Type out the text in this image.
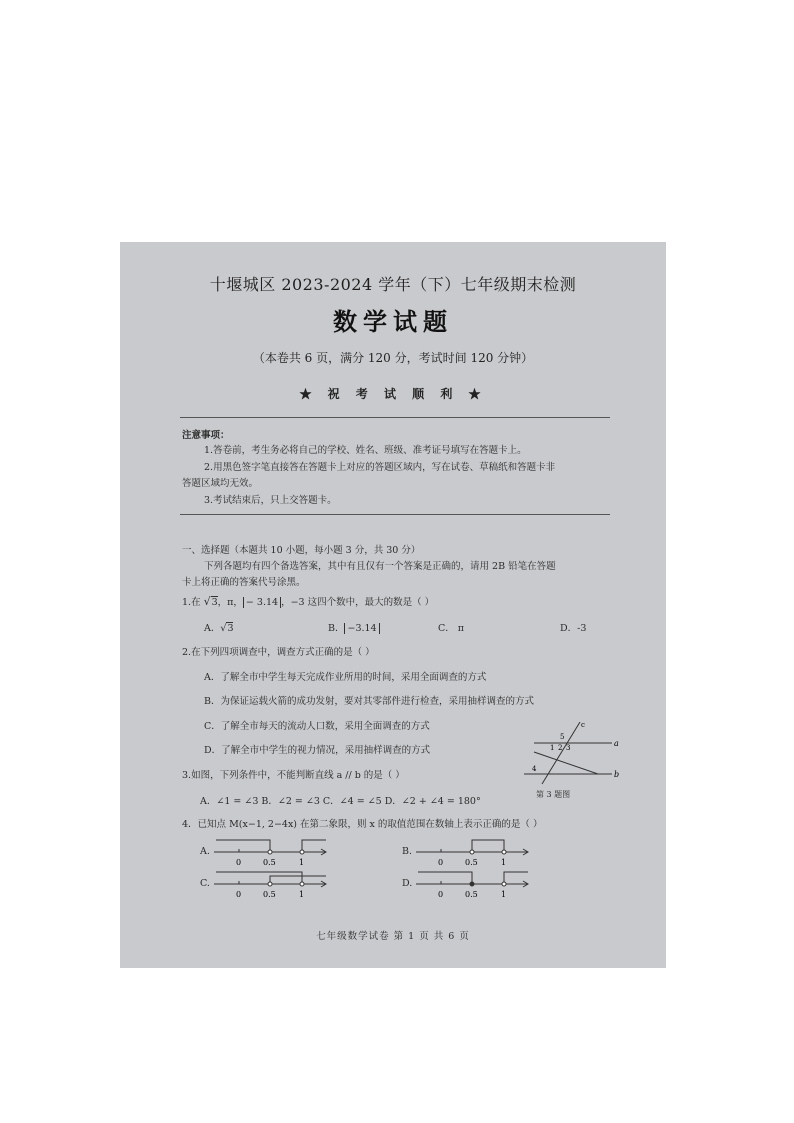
十堰城区 2023-2024 学年（下）七年级期末检测
数学试题
（本卷共 6 页，满分 120 分，考试时间 120 分钟）
★ 祝 考 试 顺 利 ★
注意事项：
1.答卷前，考生务必将自己的学校、姓名、班级、准考证号填写在答题卡上。
2.用黑色签字笔直接答在答题卡上对应的答题区域内，写在试卷、草稿纸和答题卡非
答题区域均无效。
3.考试结束后，只上交答题卡。
一、选择题（本题共 10 小题，每小题 3 分，共 30 分）
下列各题均有四个备选答案，其中有且仅有一个答案是正确的，请用 2B 铅笔在答题
卡上将正确的答案代号涂黑。
1.在 √3，π， − 3.14 ，−3 这四个数中，最大的数是（ ）
A．√3	B． −3.14	C． π	D．-3
2.在下列四项调查中，调查方式正确的是（ ）
A．了解全市中学生每天完成作业所用的时间，采用全面调查的方式
B．为保证运载火箭的成功发射，要对其零部件进行检查，采用抽样调查的方式
C．了解全市每天的流动人口数，采用全面调查的方式
D．了解全市中学生的视力情况，采用抽样调查的方式
c
a
b
5
1 2 3
4
第 3 题图
3.如图，下列条件中，不能判断直线 a // b 的是（ ）
A．∠1 = ∠3 B．∠2 = ∠3 C．∠4 = ∠5 D．∠2 + ∠4 = 180°
4．已知点 M(x−1, 2−4x) 在第二象限，则 x 的取值范围在数轴上表示正确的是（ ）
A.
0	0.5	1
B.
0	0.5	1
C.
0	0.5	1
D.
0	0.5	1
七年级数学试卷 第 1 页 共 6 页
